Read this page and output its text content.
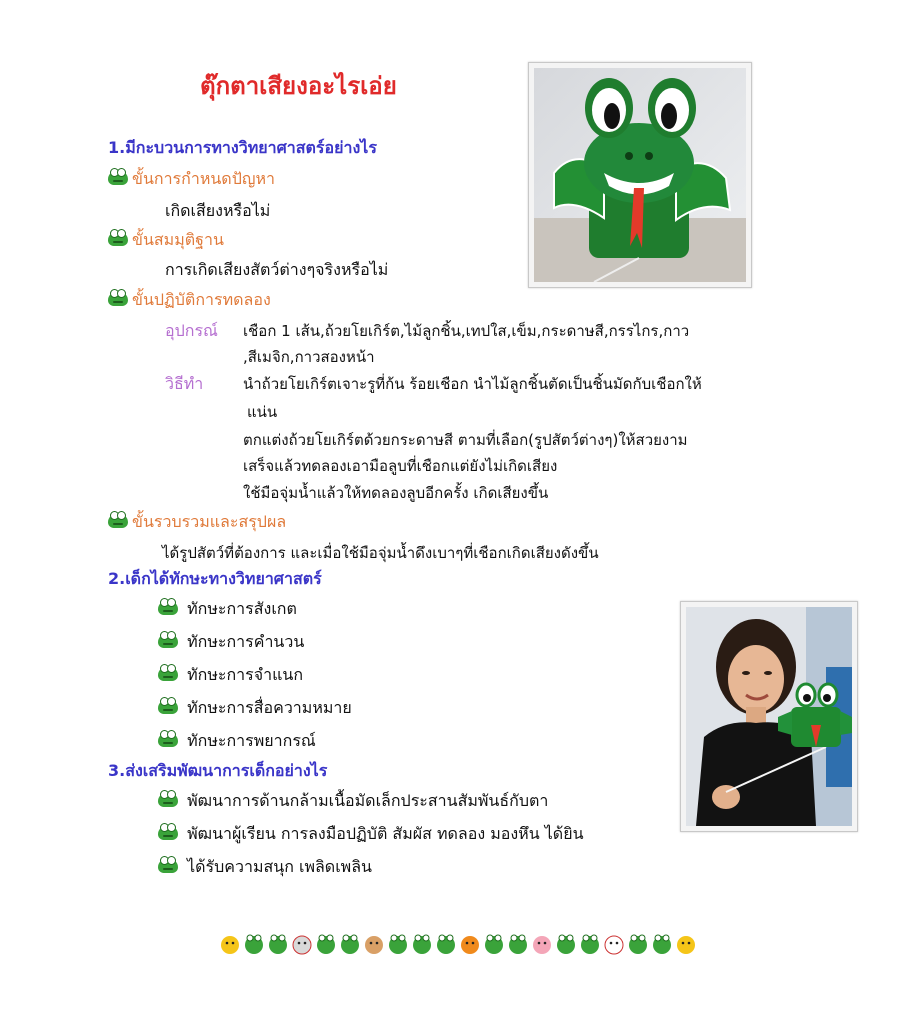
ตุ๊กตาเสียงอะไรเอ่ย
1.มีกะบวนการทางวิทยาศาสตร์อย่างไร
ขั้นการกำหนดปัญหา
เกิดเสียงหรือไม่
ขั้นสมมุติฐาน
การเกิดเสียงสัตว์ต่างๆจริงหรือไม่
ขั้นปฏิบัติการทดลอง
อุปกรณ์ เชือก 1 เส้น,ถ้วยโยเกิร์ต,ไม้ลูกชิ้น,เทปใส,เข็ม,กระดาษสี,กรรไกร,กาว
,สีเมจิก,กาวสองหน้า
วิธีทำ	นำถ้วยโยเกิร์ตเจาะรูที่ก้น ร้อยเชือก นำไม้ลูกชิ้นตัดเป็นชิ้นมัดกับเชือกให้
แน่น
ตกแต่งถ้วยโยเกิร์ตด้วยกระดาษสี ตามที่เลือก(รูปสัตว์ต่างๆ)ให้สวยงาม
เสร็จแล้วทดลองเอามือลูบที่เชือกแต่ยังไม่เกิดเสียง
ใช้มือจุ่มน้ำแล้วให้ทดลองลูบอีกครั้ง เกิดเสียงขึ้น
ขั้นรวบรวมและสรุปผล
ได้รูปสัตว์ที่ต้องการ และเมื่อใช้มือจุ่มน้ำดึงเบาๆที่เชือกเกิดเสียงดังขึ้น
2.เด็กได้ทักษะทางวิทยาศาสตร์
ทักษะการสังเกต
ทักษะการคำนวน
ทักษะการจำแนก
ทักษะการสื่อความหมาย
ทักษะการพยากรณ์
3.ส่งเสริมพัฒนาการเด็กอย่างไร
พัฒนาการด้านกล้ามเนื้อมัดเล็กประสานสัมพันธ์กับตา
พัฒนาผู้เรียน การลงมือปฏิบัติ สัมผัส ทดลอง มองหึน ได้ยิน
ได้รับความสนุก เพลิดเพลิน
